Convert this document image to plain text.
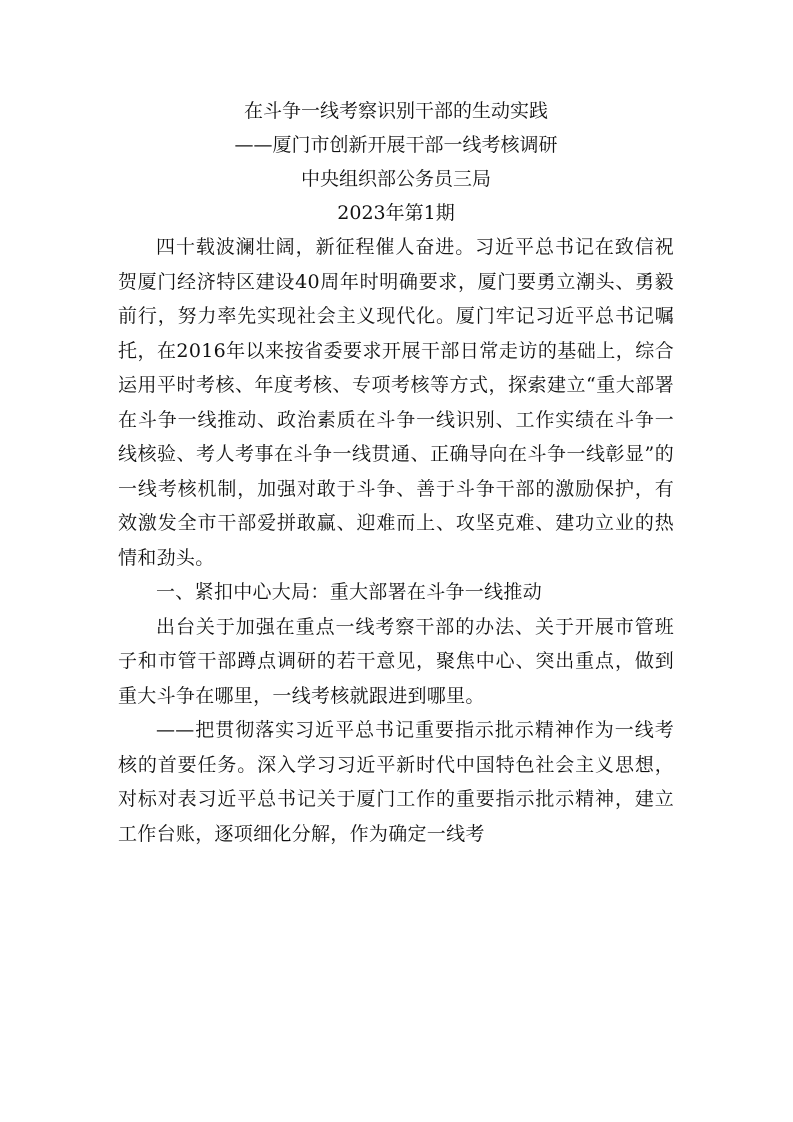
在斗争一线考察识别干部的生动实践
——厦门市创新开展干部一线考核调研
中央组织部公务员三局
2023年第1期

四十载波澜壮阔，新征程催人奋进。习近平总书记在致信祝贺厦门经济特区建设40周年时明确要求，厦门要勇立潮头、勇毅前行，努力率先实现社会主义现代化。厦门牢记习近平总书记嘱托，在2016年以来按省委要求开展干部日常走访的基础上，综合运用平时考核、年度考核、专项考核等方式，探索建立“重大部署在斗争一线推动、政治素质在斗争一线识别、工作实绩在斗争一线核验、考人考事在斗争一线贯通、正确导向在斗争一线彰显”的一线考核机制，加强对敢于斗争、善于斗争干部的激励保护，有效激发全市干部爱拼敢赢、迎难而上、攻坚克难、建功立业的热情和劲头。

一、紧扣中心大局：重大部署在斗争一线推动

出台关于加强在重点一线考察干部的办法、关于开展市管班子和市管干部蹲点调研的若干意见，聚焦中心、突出重点，做到重大斗争在哪里，一线考核就跟进到哪里。

——把贯彻落实习近平总书记重要指示批示精神作为一线考核的首要任务。深入学习习近平新时代中国特色社会主义思想，对标对表习近平总书记关于厦门工作的重要指示批示精神，建立工作台账，逐项细化分解，作为确定一线考
